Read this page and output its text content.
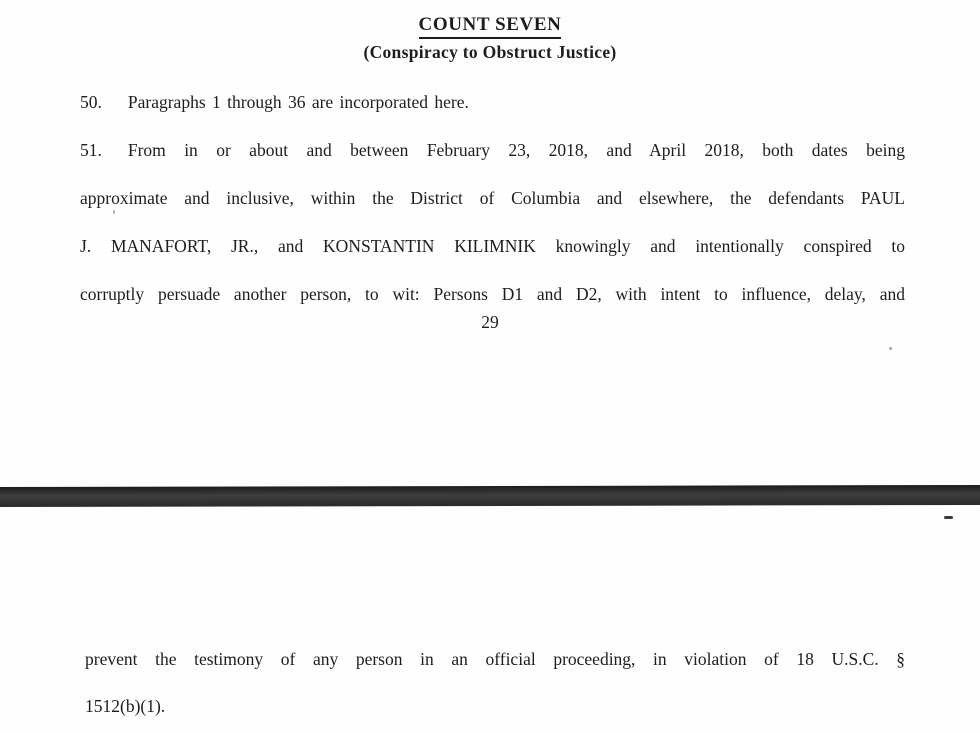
COUNT SEVEN
(Conspiracy to Obstruct Justice)
50. Paragraphs 1 through 36 are incorporated here.
51. From in or about and between February 23, 2018, and April 2018, both dates being
approximate and inclusive, within the District of Columbia and elsewhere, the defendants PAUL
J. MANAFORT, JR., and KONSTANTIN KILIMNIK knowingly and intentionally conspired to
corruptly persuade another person, to wit: Persons D1 and D2, with intent to influence, delay, and
29
prevent the testimony of any person in an official proceeding, in violation of 18 U.S.C. §
1512(b)(1).
